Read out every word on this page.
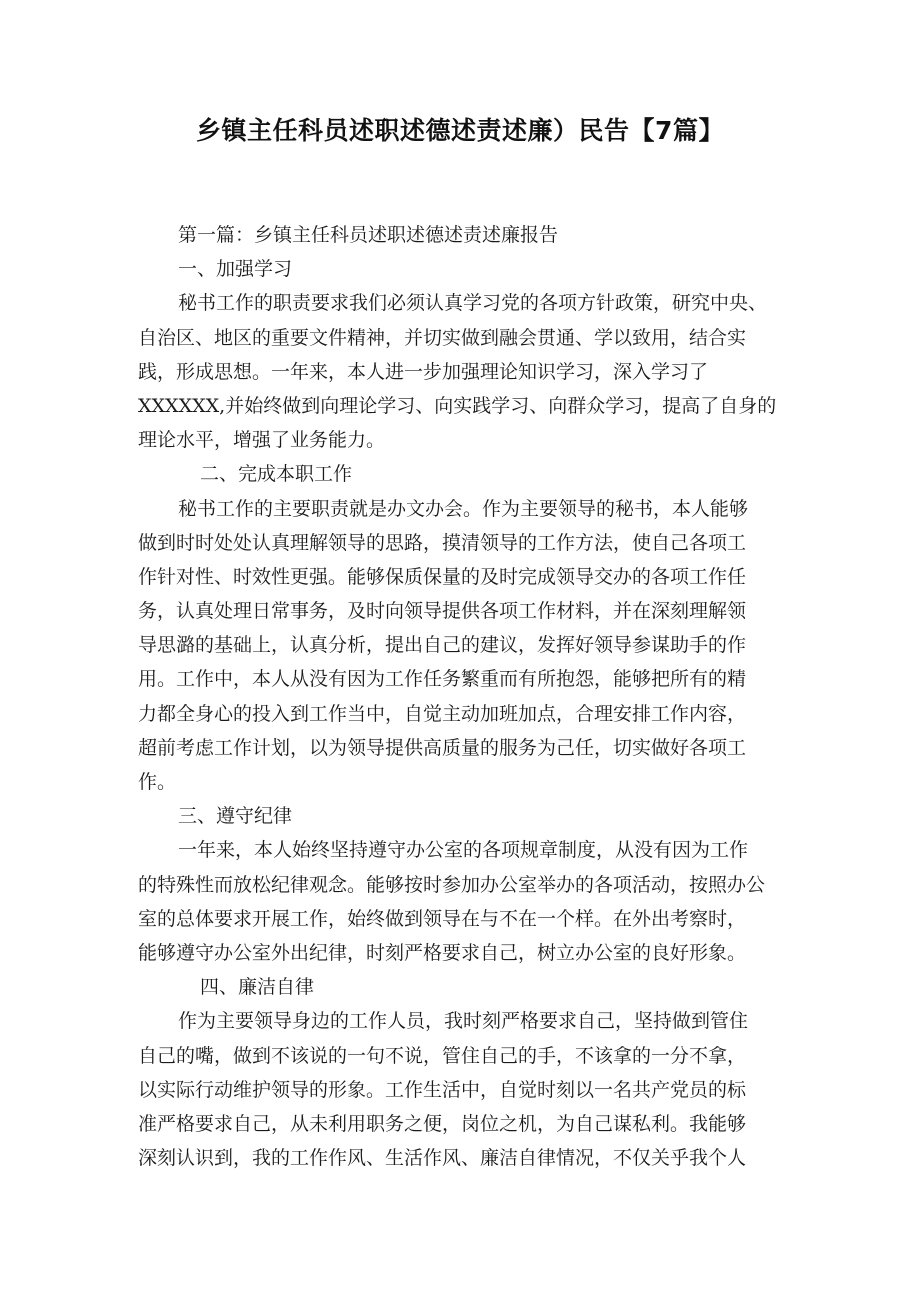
乡镇主任科员述职述德述责述廉）民告【7篇】
第一篇：乡镇主任科员述职述德述责述廉报告
一、加强学习
秘书工作的职责要求我们必须认真学习党的各项方针政策，研究中央、
自治区、地区的重要文件精神，并切实做到融会贯通、学以致用，结合实
践，形成思想。一年来，本人进一步加强理论知识学习，深入学习了
XXXXXX,并始终做到向理论学习、向实践学习、向群众学习，提高了自身的
理论水平，增强了业务能力。
二、完成本职工作
秘书工作的主要职责就是办文办会。作为主要领导的秘书，本人能够
做到时时处处认真理解领导的思路，摸清领导的工作方法，使自己各项工
作针对性、时效性更强。能够保质保量的及时完成领导交办的各项工作任
务，认真处理日常事务，及时向领导提供各项工作材料，并在深刻理解领
导思潞的基础上，认真分析，提出自己的建议，发挥好领导参谋助手的作
用。工作中，本人从没有因为工作任务繁重而有所抱怨，能够把所有的精
力都全身心的投入到工作当中，自觉主动加班加点，合理安排工作内容，
超前考虑工作计划，以为领导提供高质量的服务为己任，切实做好各项工
作。
三、遵守纪律
一年来，本人始终坚持遵守办公室的各项规章制度，从没有因为工作
的特殊性而放松纪律观念。能够按时参加办公室举办的各项活动，按照办公
室的总体要求开展工作，始终做到领导在与不在一个样。在外出考察时，
能够遵守办公室外出纪律，时刻严格要求自己，树立办公室的良好形象。
四、廉洁自律
作为主要领导身边的工作人员，我时刻严格要求自己，坚持做到管住
自己的嘴，做到不该说的一句不说，管住自己的手，不该拿的一分不拿，
以实际行动维护领导的形象。工作生活中，自觉时刻以一名共产党员的标
准严格要求自己，从未利用职务之便，岗位之机，为自己谋私利。我能够
深刻认识到，我的工作作风、生活作风、廉洁自律情况，不仅关乎我个人
